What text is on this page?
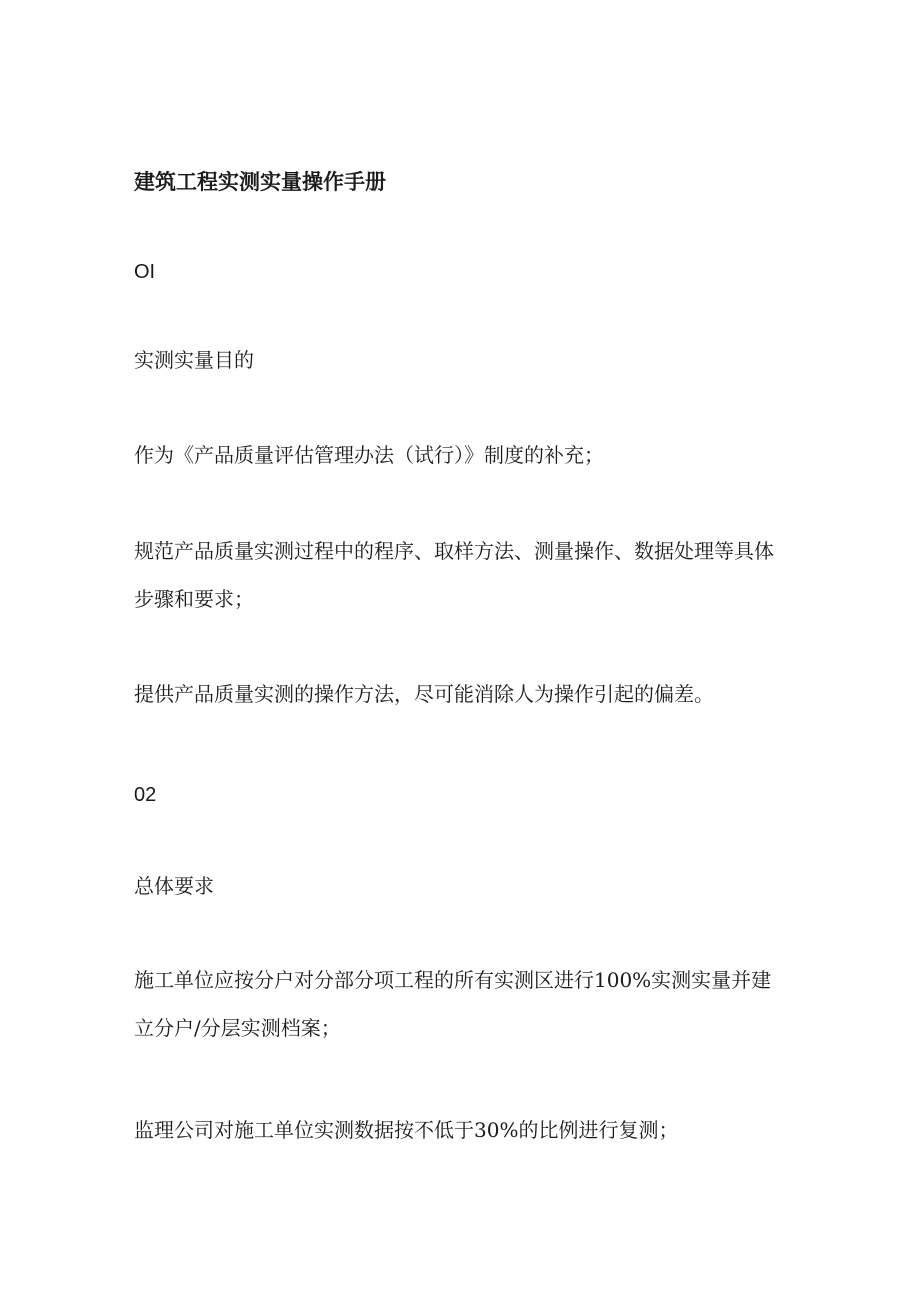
建筑工程实测实量操作手册
OI
实测实量目的
作为《产品质量评估管理办法（试行）》制度的补充；
规范产品质量实测过程中的程序、取样方法、测量操作、数据处理等具体
步骤和要求；
提供产品质量实测的操作方法，尽可能消除人为操作引起的偏差。
02
总体要求
施工单位应按分户对分部分项工程的所有实测区进行100%实测实量并建
立分户/分层实测档案；
监理公司对施工单位实测数据按不低于30%的比例进行复测；
